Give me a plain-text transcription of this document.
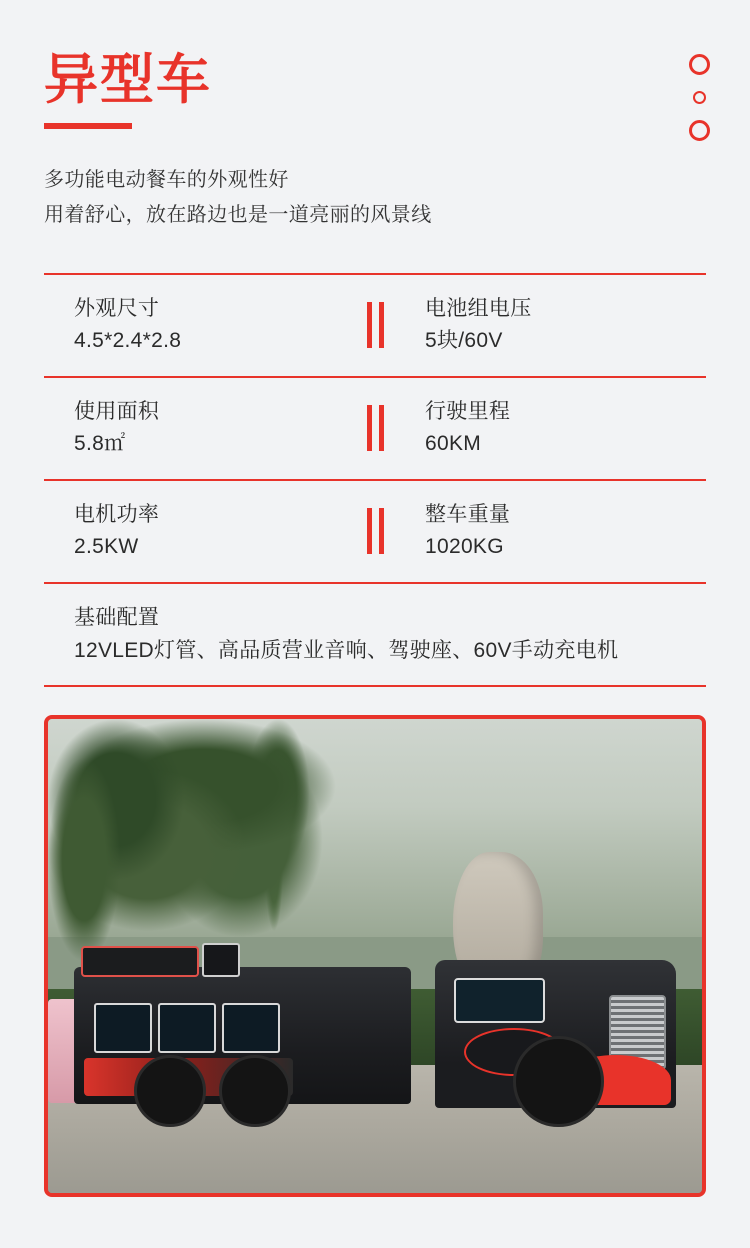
异型车
多功能电动餐车的外观性好
用着舒心，放在路边也是一道亮丽的风景线
外观尺寸
4.5*2.4*2.8
电池组电压
5块/60V
使用面积
5.8㎡
行驶里程
60KM
电机功率
2.5KW
整车重量
1020KG
基础配置
12VLED灯管、高品质营业音响、驾驶座、60V手动充电机
